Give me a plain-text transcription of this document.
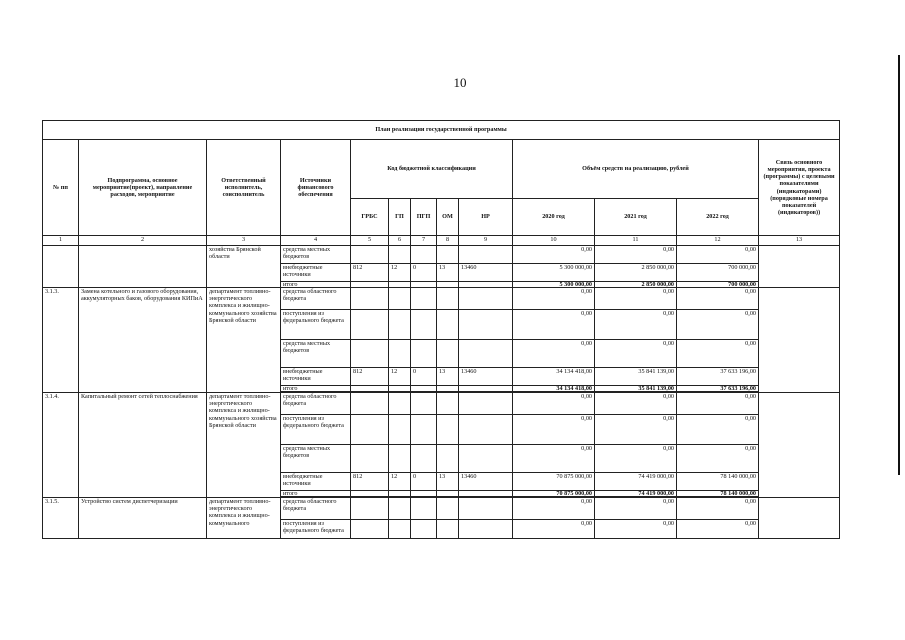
10
План реализации государственной программы												
№ пп	Подпрограмма, основное мероприятие(проект), направление расходов, мероприятие	Ответственный исполнитель, соисполнитель	Источники финансового обеспечения	Код бюджетной классификации					Объём средств на реализацию, рублей			Связь основного мероприятия, проекта (программы) с целевыми показателями (индикаторами) (порядковые номера показателей (индикаторов))
				ГРБС	ГП	ПГП	ОМ	НР	2020 год	2021 год	2022 год	
1	2	3	4	5	6	7	8	9	10	11	12	13
		хозяйства Брянской области	средства местных бюджетов						0,00	0,00	0,00	
			внебюджетные источники	812	12	0	13	13460	5 300 000,00	2 850 000,00	700 000,00	
			итого						5 300 000,00	2 850 000,00	700 000,00	
3.1.3.	Замена котельного и газового оборудования, аккумуляторных баков, оборудования КИПиА	департамент топливно-энергетического комплекса и жилищно-коммунального хозяйства Брянской области	средства областного бюджета						0,00	0,00	0,00	
			поступления из федерального бюджета						0,00	0,00	0,00	
			средства местных бюджетов						0,00	0,00	0,00	
			внебюджетные источники	812	12	0	13	13460	34 134 418,00	35 841 139,00	37 633 196,00	
			итого						34 134 418,00	35 841 139,00	37 633 196,00	

3.1.4.	Капитальный ремонт сетей теплоснабжения	департамент топливно-энергетического комплекса и жилищно-коммунального хозяйства Брянской области	средства областного бюджета						0,00	0,00	0,00	
			поступления из федерального бюджета						0,00	0,00	0,00	
			средства местных бюджетов						0,00	0,00	0,00	
			внебюджетные источники	812	12	0	13	13460	70 875 000,00	74 419 000,00	78 140 000,00	
			итого						70 875 000,00	74 419 000,00	78 140 000,00	

3.1.5.	Устройство систем диспетчеризации	департамент топливно-энергетического комплекса и жилищно-коммунального	средства областного бюджета						0,00	0,00	0,00	
			поступления из федерального бюджета						0,00	0,00	0,00	
